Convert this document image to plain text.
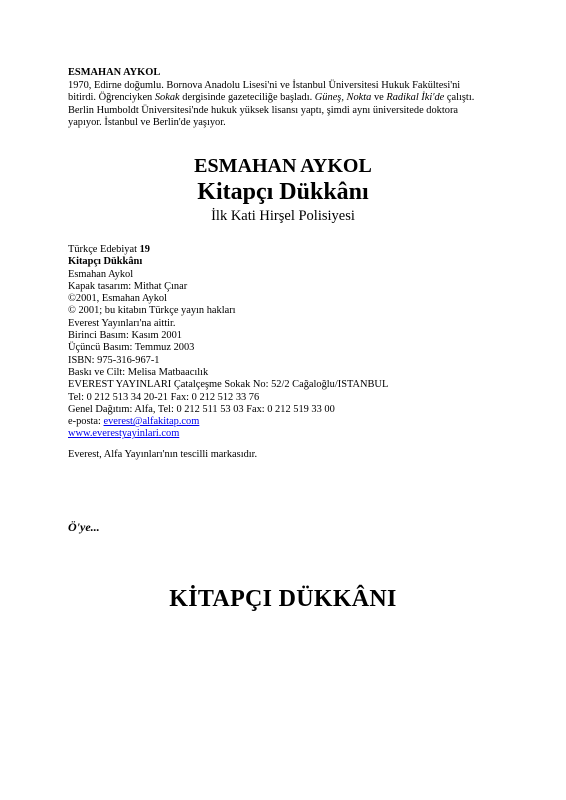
ESMAHAN AYKOL
1970, Edirne doğumlu. Bornova Anadolu Lisesi'ni ve İstanbul Üniversitesi Hukuk Fakültesi'ni bitirdi. Öğrenciyken Sokak dergisinde gazeteciliğe başladı. Güneş, Nokta ve Radikal İki'de çalıştı. Berlin Humboldt Üniversitesi'nde hukuk yüksek lisansı yaptı, şimdi aynı üniversitede doktora yapıyor. İstanbul ve Berlin'de yaşıyor.
ESMAHAN AYKOL
Kitapçı Dükkânı
İlk Kati Hirşel Polisiyesi
Türkçe Edebiyat 19
Kitapçı Dükkânı
Esmahan Aykol
Kapak tasarım: Mithat Çınar
©2001, Esmahan Aykol
© 2001; bu kitabın Türkçe yayın hakları
Everest Yayınları'na aittir.
Birinci Basım: Kasım 2001
Üçüncü Basım: Temmuz 2003
ISBN: 975-316-967-1
Baskı ve Cilt: Melisa Matbaacılık
EVEREST YAYINLARI Çatalçeşme Sokak No: 52/2 Cağaloğlu/ISTANBUL
Tel: 0 212 513 34 20-21 Fax: 0 212 512 33 76
Genel Dağıtım: Alfa, Tel: 0 212 511 53 03 Fax: 0 212 519 33 00
e-posta: everest@alfakitap.com
www.everestyayinlari.com
Everest, Alfa Yayınları'nın tescilli markasıdır.
Ö'ye...
KİTAPÇI DÜKKÂNI
